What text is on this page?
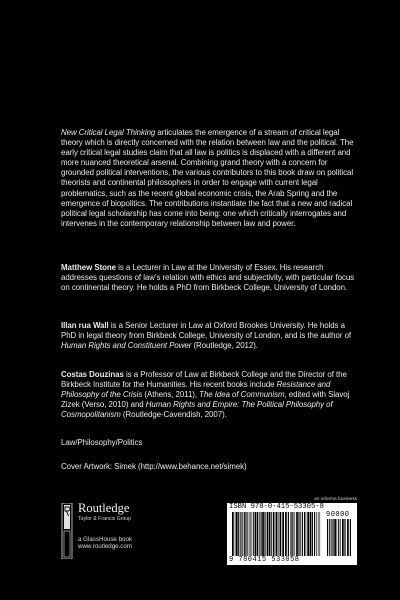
New Critical Legal Thinking articulates the emergence of a stream of critical legal theory which is directly concerned with the relation between law and the political. The early critical legal studies claim that all law is politics is displaced with a different and more nuanced theoretical arsenal. Combining grand theory with a concern for grounded political interventions, the various contributors to this book draw on political theorists and continental philosophers in order to engage with current legal problematics, such as the recent global economic crisis, the Arab Spring and the emergence of biopolitics. The contributions instantiate the fact that a new and radical political legal scholarship has come into being: one which critically interrogates and intervenes in the contemporary relationship between law and power.

Matthew Stone is a Lecturer in Law at the University of Essex. His research addresses questions of law’s relation with ethics and subjectivity, with particular focus on continental theory. He holds a PhD from Birkbeck College, University of London.

Illan rua Wall is a Senior Lecturer in Law at Oxford Brookes University. He holds a PhD in legal theory from Birkbeck College, University of London, and is the author of Human Rights and Constituent Power (Routledge, 2012).

Costas Douzinas is a Professor of Law at Birkbeck College and the Director of the Birkbeck Institute for the Humanities. His recent books include Resistance and Philosophy of the Crisis (Athens, 2011), The Idea of Communism, edited with Slavoj Zizek (Verso, 2010) and Human Rights and Empire: The Political Philosophy of Cosmopolitanism (Routledge-Cavendish, 2007).

Law/Philosophy/Politics

Cover Artwork: Simek (http://www.behance.net/simek)

Routledge
Taylor & Francis Group
a GlassHouse book
www.routledge.com
an informa business
ISBN 978-0-415-53305-8
90000
9 780415 533058
